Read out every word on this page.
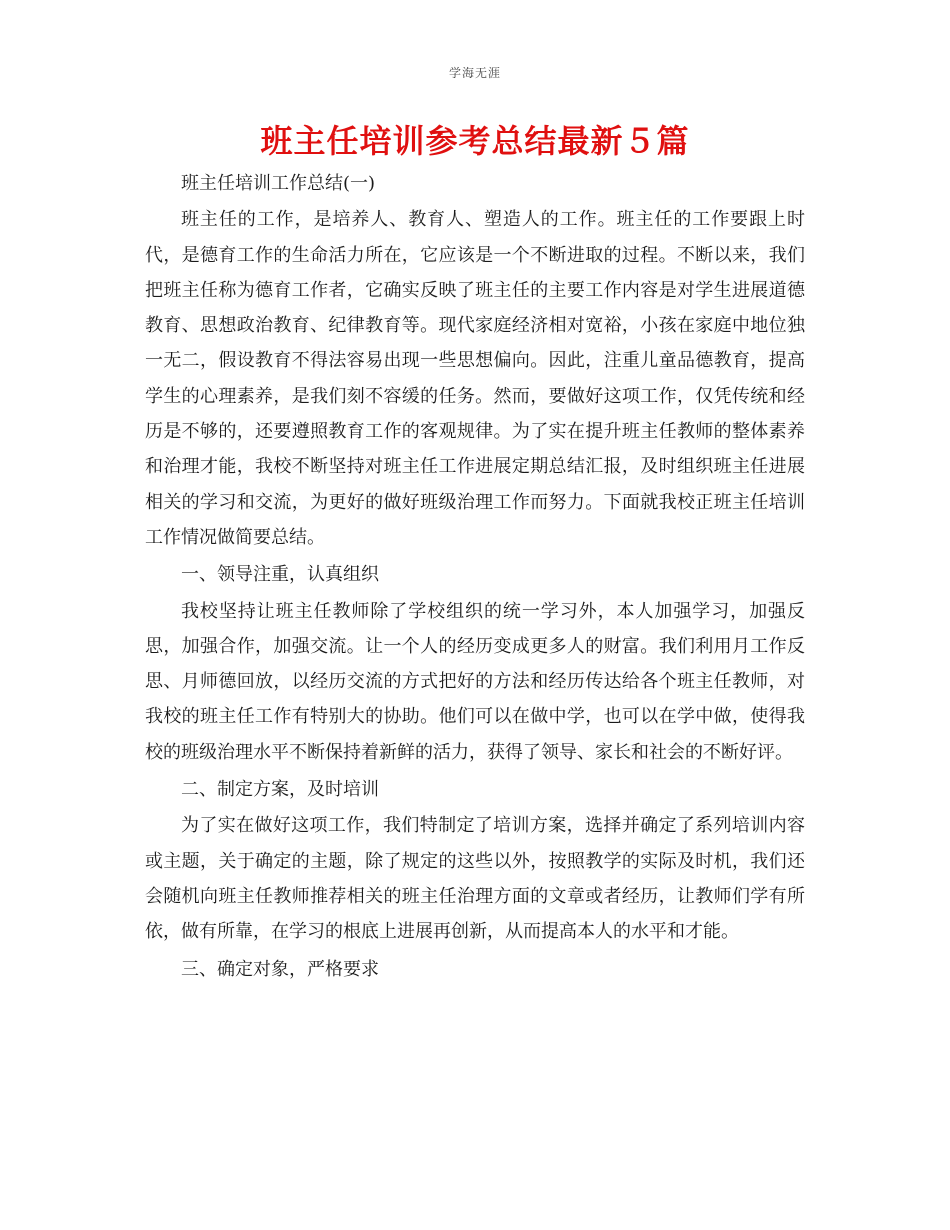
学海无涯
班主任培训参考总结最新５篇

班主任培训工作总结(一)

班主任的工作，是培养人、教育人、塑造人的工作。班主任的工作要跟上时代，是德育工作的生命活力所在，它应该是一个不断进取的过程。不断以来，我们把班主任称为德育工作者，它确实反映了班主任的主要工作内容是对学生进展道德教育、思想政治教育、纪律教育等。现代家庭经济相对宽裕，小孩在家庭中地位独一无二，假设教育不得法容易出现一些思想偏向。因此，注重儿童品德教育，提高学生的心理素养，是我们刻不容缓的任务。然而，要做好这项工作，仅凭传统和经历是不够的，还要遵照教育工作的客观规律。为了实在提升班主任教师的整体素养和治理才能，我校不断坚持对班主任工作进展定期总结汇报，及时组织班主任进展相关的学习和交流，为更好的做好班级治理工作而努力。下面就我校正班主任培训工作情况做简要总结。

一、领导注重，认真组织

我校坚持让班主任教师除了学校组织的统一学习外，本人加强学习，加强反思，加强合作，加强交流。让一个人的经历变成更多人的财富。我们利用月工作反思、月师德回放，以经历交流的方式把好的方法和经历传达给各个班主任教师，对我校的班主任工作有特别大的协助。他们可以在做中学，也可以在学中做，使得我校的班级治理水平不断保持着新鲜的活力，获得了领导、家长和社会的不断好评。

二、制定方案，及时培训

为了实在做好这项工作，我们特制定了培训方案，选择并确定了系列培训内容或主题，关于确定的主题，除了规定的这些以外，按照教学的实际及时机，我们还会随机向班主任教师推荐相关的班主任治理方面的文章或者经历，让教师们学有所依，做有所靠，在学习的根底上进展再创新，从而提高本人的水平和才能。

三、确定对象，严格要求
